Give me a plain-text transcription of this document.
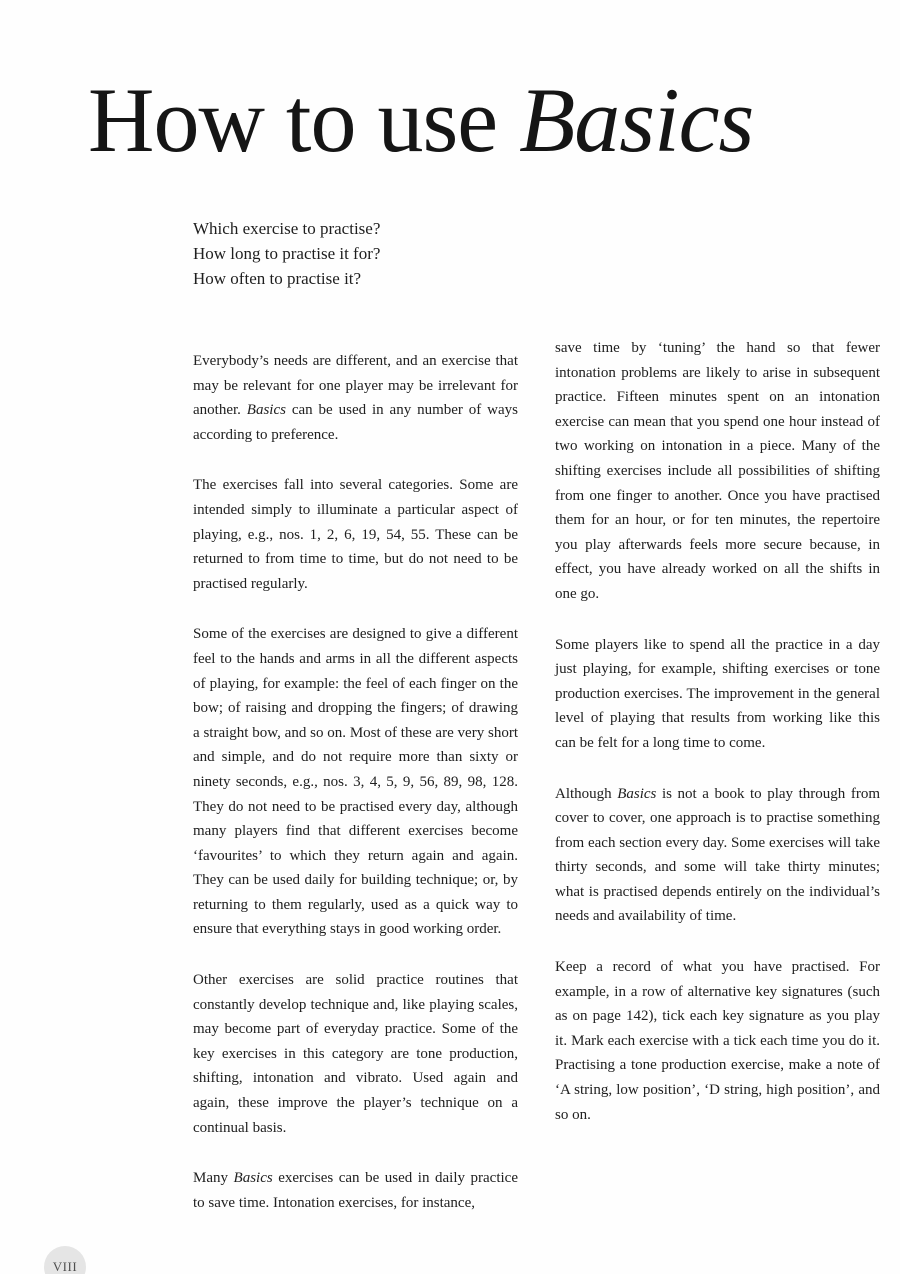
How to use Basics
Which exercise to practise?
How long to practise it for?
How often to practise it?

Everybody’s needs are different, and an exercise that may be relevant for one player may be irrelevant for another. Basics can be used in any number of ways according to preference.

The exercises fall into several categories. Some are intended simply to illuminate a particular aspect of playing, e.g., nos. 1, 2, 6, 19, 54, 55. These can be returned to from time to time, but do not need to be practised regularly.

Some of the exercises are designed to give a different feel to the hands and arms in all the different aspects of playing, for example: the feel of each finger on the bow; of raising and dropping the fingers; of drawing a straight bow, and so on. Most of these are very short and simple, and do not require more than sixty or ninety seconds, e.g., nos. 3, 4, 5, 9, 56, 89, 98, 128. They do not need to be practised every day, although many players find that different exercises become ‘favourites’ to which they return again and again. They can be used daily for building technique; or, by returning to them regularly, used as a quick way to ensure that everything stays in good working order.

Other exercises are solid practice routines that constantly develop technique and, like playing scales, may become part of everyday practice. Some of the key exercises in this category are tone production, shifting, intonation and vibrato. Used again and again, these improve the player’s technique on a continual basis.

Many Basics exercises can be used in daily practice to save time. Intonation exercises, for instance,

save time by ‘tuning’ the hand so that fewer intonation problems are likely to arise in subsequent practice. Fifteen minutes spent on an intonation exercise can mean that you spend one hour instead of two working on intonation in a piece. Many of the shifting exercises include all possibilities of shifting from one finger to another. Once you have practised them for an hour, or for ten minutes, the repertoire you play afterwards feels more secure because, in effect, you have already worked on all the shifts in one go.

Some players like to spend all the practice in a day just playing, for example, shifting exercises or tone production exercises. The improvement in the general level of playing that results from working like this can be felt for a long time to come.

Although Basics is not a book to play through from cover to cover, one approach is to practise something from each section every day. Some exercises will take thirty seconds, and some will take thirty minutes; what is practised depends entirely on the individual’s needs and availability of time.

Keep a record of what you have practised. For example, in a row of alternative key signatures (such as on page 142), tick each key signature as you play it. Mark each exercise with a tick each time you do it. Practising a tone production exercise, make a note of ‘A string, low position’, ‘D string, high position’, and so on.

VIII
